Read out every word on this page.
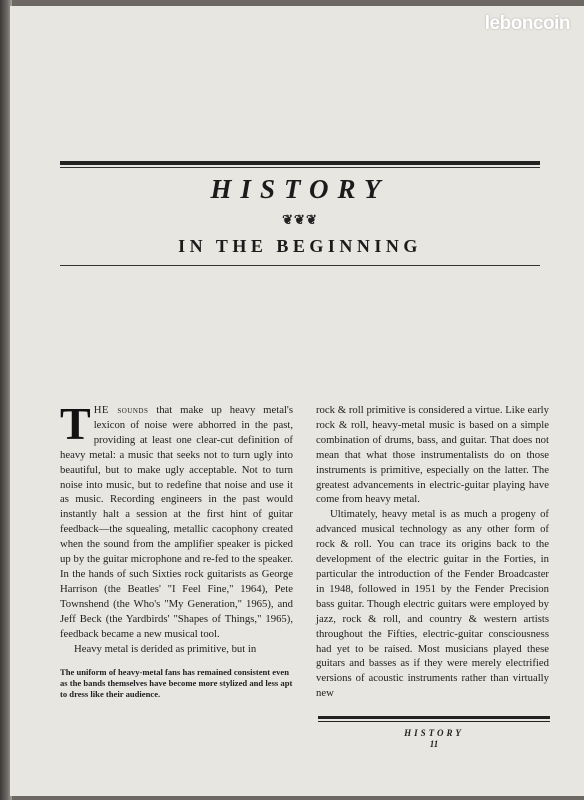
leboncoin
HISTORY
❦❦❦
IN THE BEGINNING

THE sounds that make up heavy metal's lexicon of noise were abhorred in the past, providing at least one clear-cut definition of heavy metal: a music that seeks not to turn ugly into beautiful, but to make ugly acceptable. Not to turn noise into music, but to redefine that noise and use it as music. Recording engineers in the past would instantly halt a session at the first hint of guitar feedback—the squealing, metallic cacophony created when the sound from the amplifier speaker is picked up by the guitar microphone and re-fed to the speaker. In the hands of such Sixties rock guitarists as George Harrison (the Beatles' "I Feel Fine," 1964), Pete Townshend (the Who's "My Generation," 1965), and Jeff Beck (the Yardbirds' "Shapes of Things," 1965), feedback became a new musical tool.

Heavy metal is derided as primitive, but in

The uniform of heavy-metal fans has remained consistent even as the bands themselves have become more stylized and less apt to dress like their audience.

rock & roll primitive is considered a virtue. Like early rock & roll, heavy-metal music is based on a simple combination of drums, bass, and guitar. That does not mean that what those instrumentalists do on those instruments is primitive, especially on the latter. The greatest advancements in electric-guitar playing have come from heavy metal.

Ultimately, heavy metal is as much a progeny of advanced musical technology as any other form of rock & roll. You can trace its origins back to the development of the electric guitar in the Forties, in particular the introduction of the Fender Broadcaster in 1948, followed in 1951 by the Fender Precision bass guitar. Though electric guitars were employed by jazz, rock & roll, and country & western artists throughout the Fifties, electric-guitar consciousness had yet to be raised. Most musicians played these guitars and basses as if they were merely electrified versions of acoustic instruments rather than virtually new

HISTORY
11
